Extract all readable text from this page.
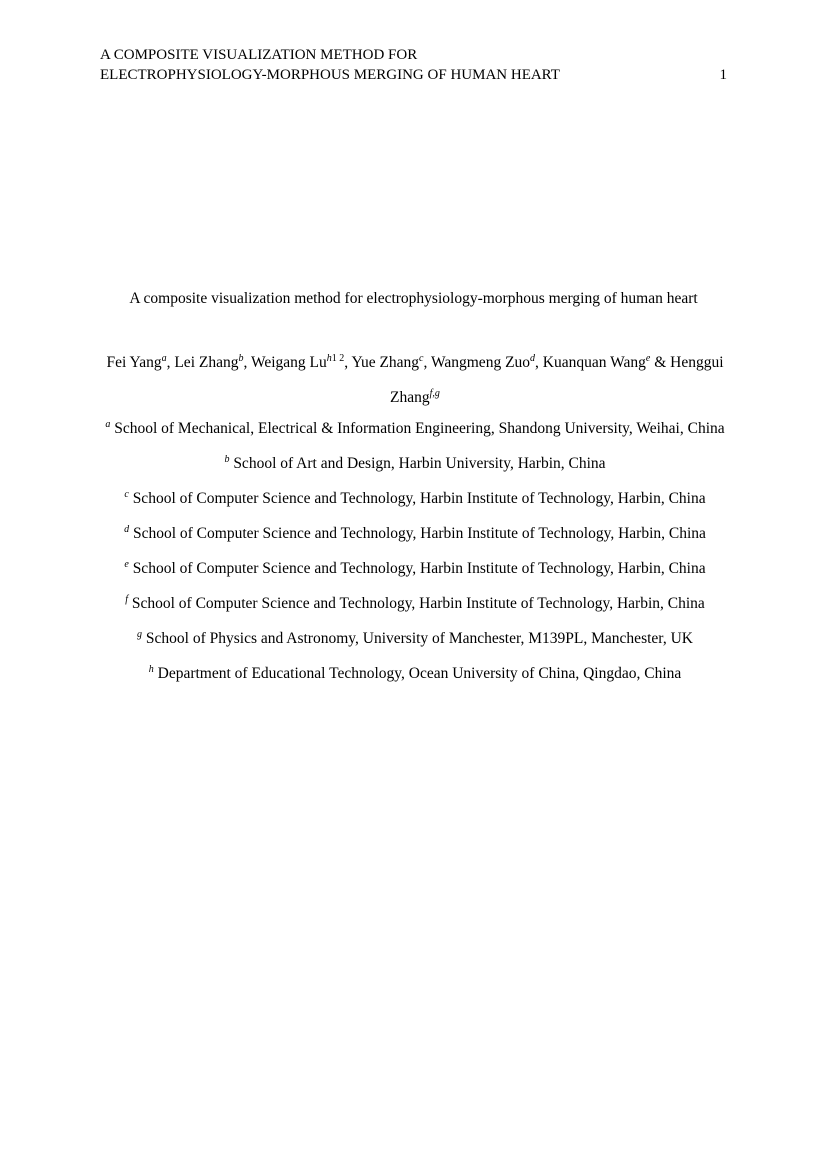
A COMPOSITE VISUALIZATION METHOD FOR
ELECTROPHYSIOLOGY-MORPHOUS MERGING OF HUMAN HEART	1
A composite visualization method for electrophysiology-morphous merging of human heart
Fei Yang$^a$, Lei Zhang$^b$, Weigang $Lu^{h1 2}$, Yue Zhang$^c$, Wangmeng Zuo$^d$, Kuanquan Wang$^e$ & Henggui Zhang$^{f,g}$
$^a$ School of Mechanical, Electrical & Information Engineering, Shandong University, Weihai, China
$^b$ School of Art and Design, Harbin University, Harbin, China
$^c$ School of Computer Science and Technology, Harbin Institute of Technology, Harbin, China
$^d$ School of Computer Science and Technology, Harbin Institute of Technology, Harbin, China
$^e$ School of Computer Science and Technology, Harbin Institute of Technology, Harbin, China
$^f$ School of Computer Science and Technology, Harbin Institute of Technology, Harbin, China
$^g$ School of Physics and Astronomy, University of Manchester, M139PL, Manchester, UK
$^h$ Department of Educational Technology, Ocean University of China, Qingdao, China
